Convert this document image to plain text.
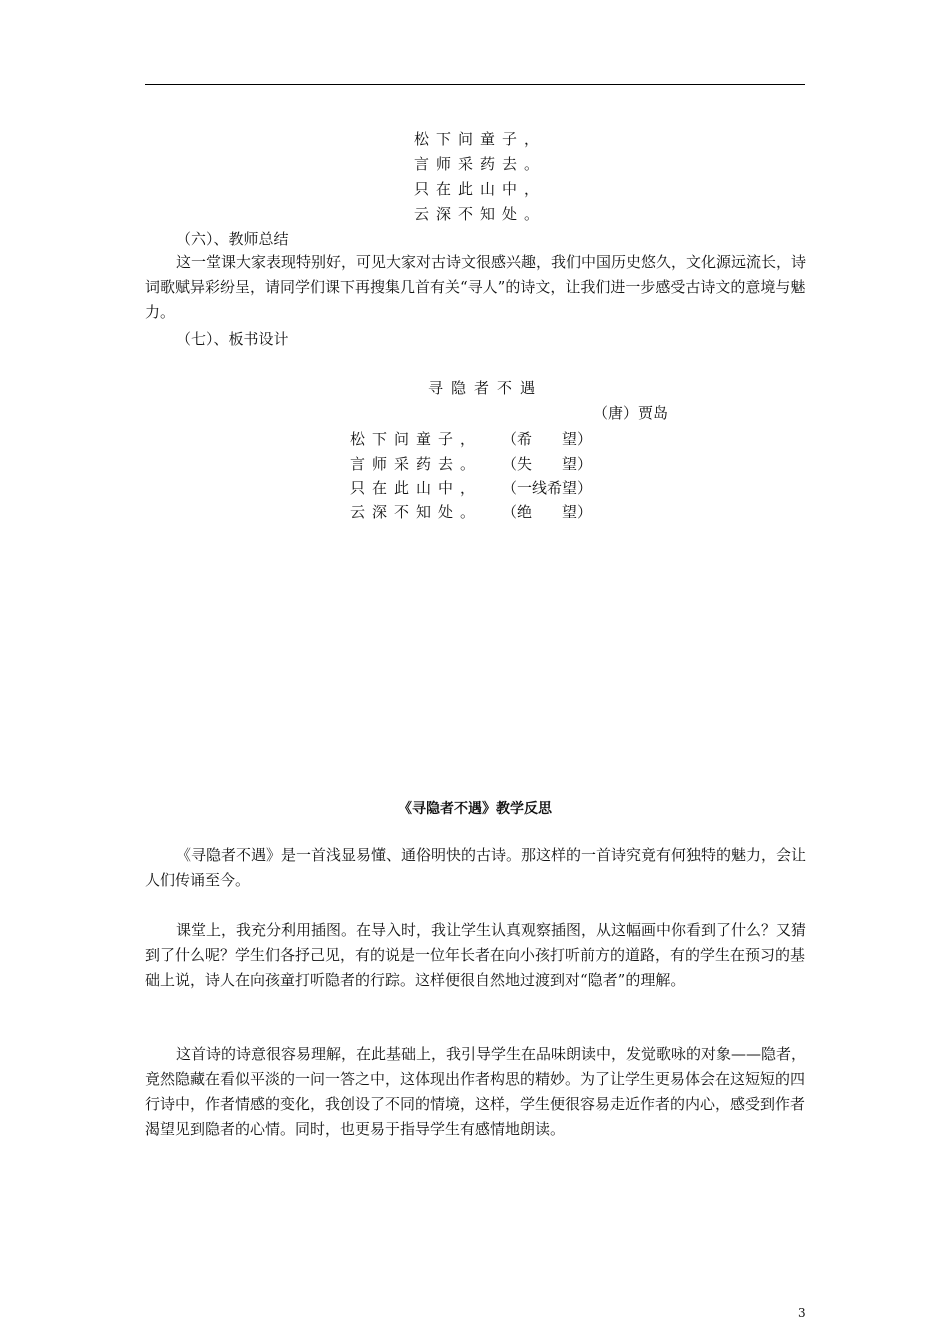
松下问童子，
言师采药去。
只在此山中，
云深不知处。
（六）、教师总结
这一堂课大家表现特别好，可见大家对古诗文很感兴趣，我们中国历史悠久，文化源远流长，诗词歌赋异彩纷呈，请同学们课下再搜集几首有关“寻人”的诗文，让我们进一步感受古诗文的意境与魅力。
（七）、板书设计
寻隐者不遇
（唐）贾岛
松下问童子， （希　　望）
言师采药去。 （失　　望）
只在此山中， （一线希望）
云深不知处。 （绝　　望）
《寻隐者不遇》教学反思
《寻隐者不遇》是一首浅显易懂、通俗明快的古诗。那这样的一首诗究竟有何独特的魅力，会让人们传诵至今。
课堂上，我充分利用插图。在导入时，我让学生认真观察插图，从这幅画中你看到了什么？又猜到了什么呢？学生们各抒己见，有的说是一位年长者在向小孩打听前方的道路，有的学生在预习的基础上说，诗人在向孩童打听隐者的行踪。这样便很自然地过渡到对“隐者”的理解。
这首诗的诗意很容易理解，在此基础上，我引导学生在品味朗读中，发觉歌咏的对象——隐者，竟然隐藏在看似平淡的一问一答之中，这体现出作者构思的精妙。为了让学生更易体会在这短短的四行诗中，作者情感的变化，我创设了不同的情境，这样，学生便很容易走近作者的内心，感受到作者渴望见到隐者的心情。同时，也更易于指导学生有感情地朗读。
3
